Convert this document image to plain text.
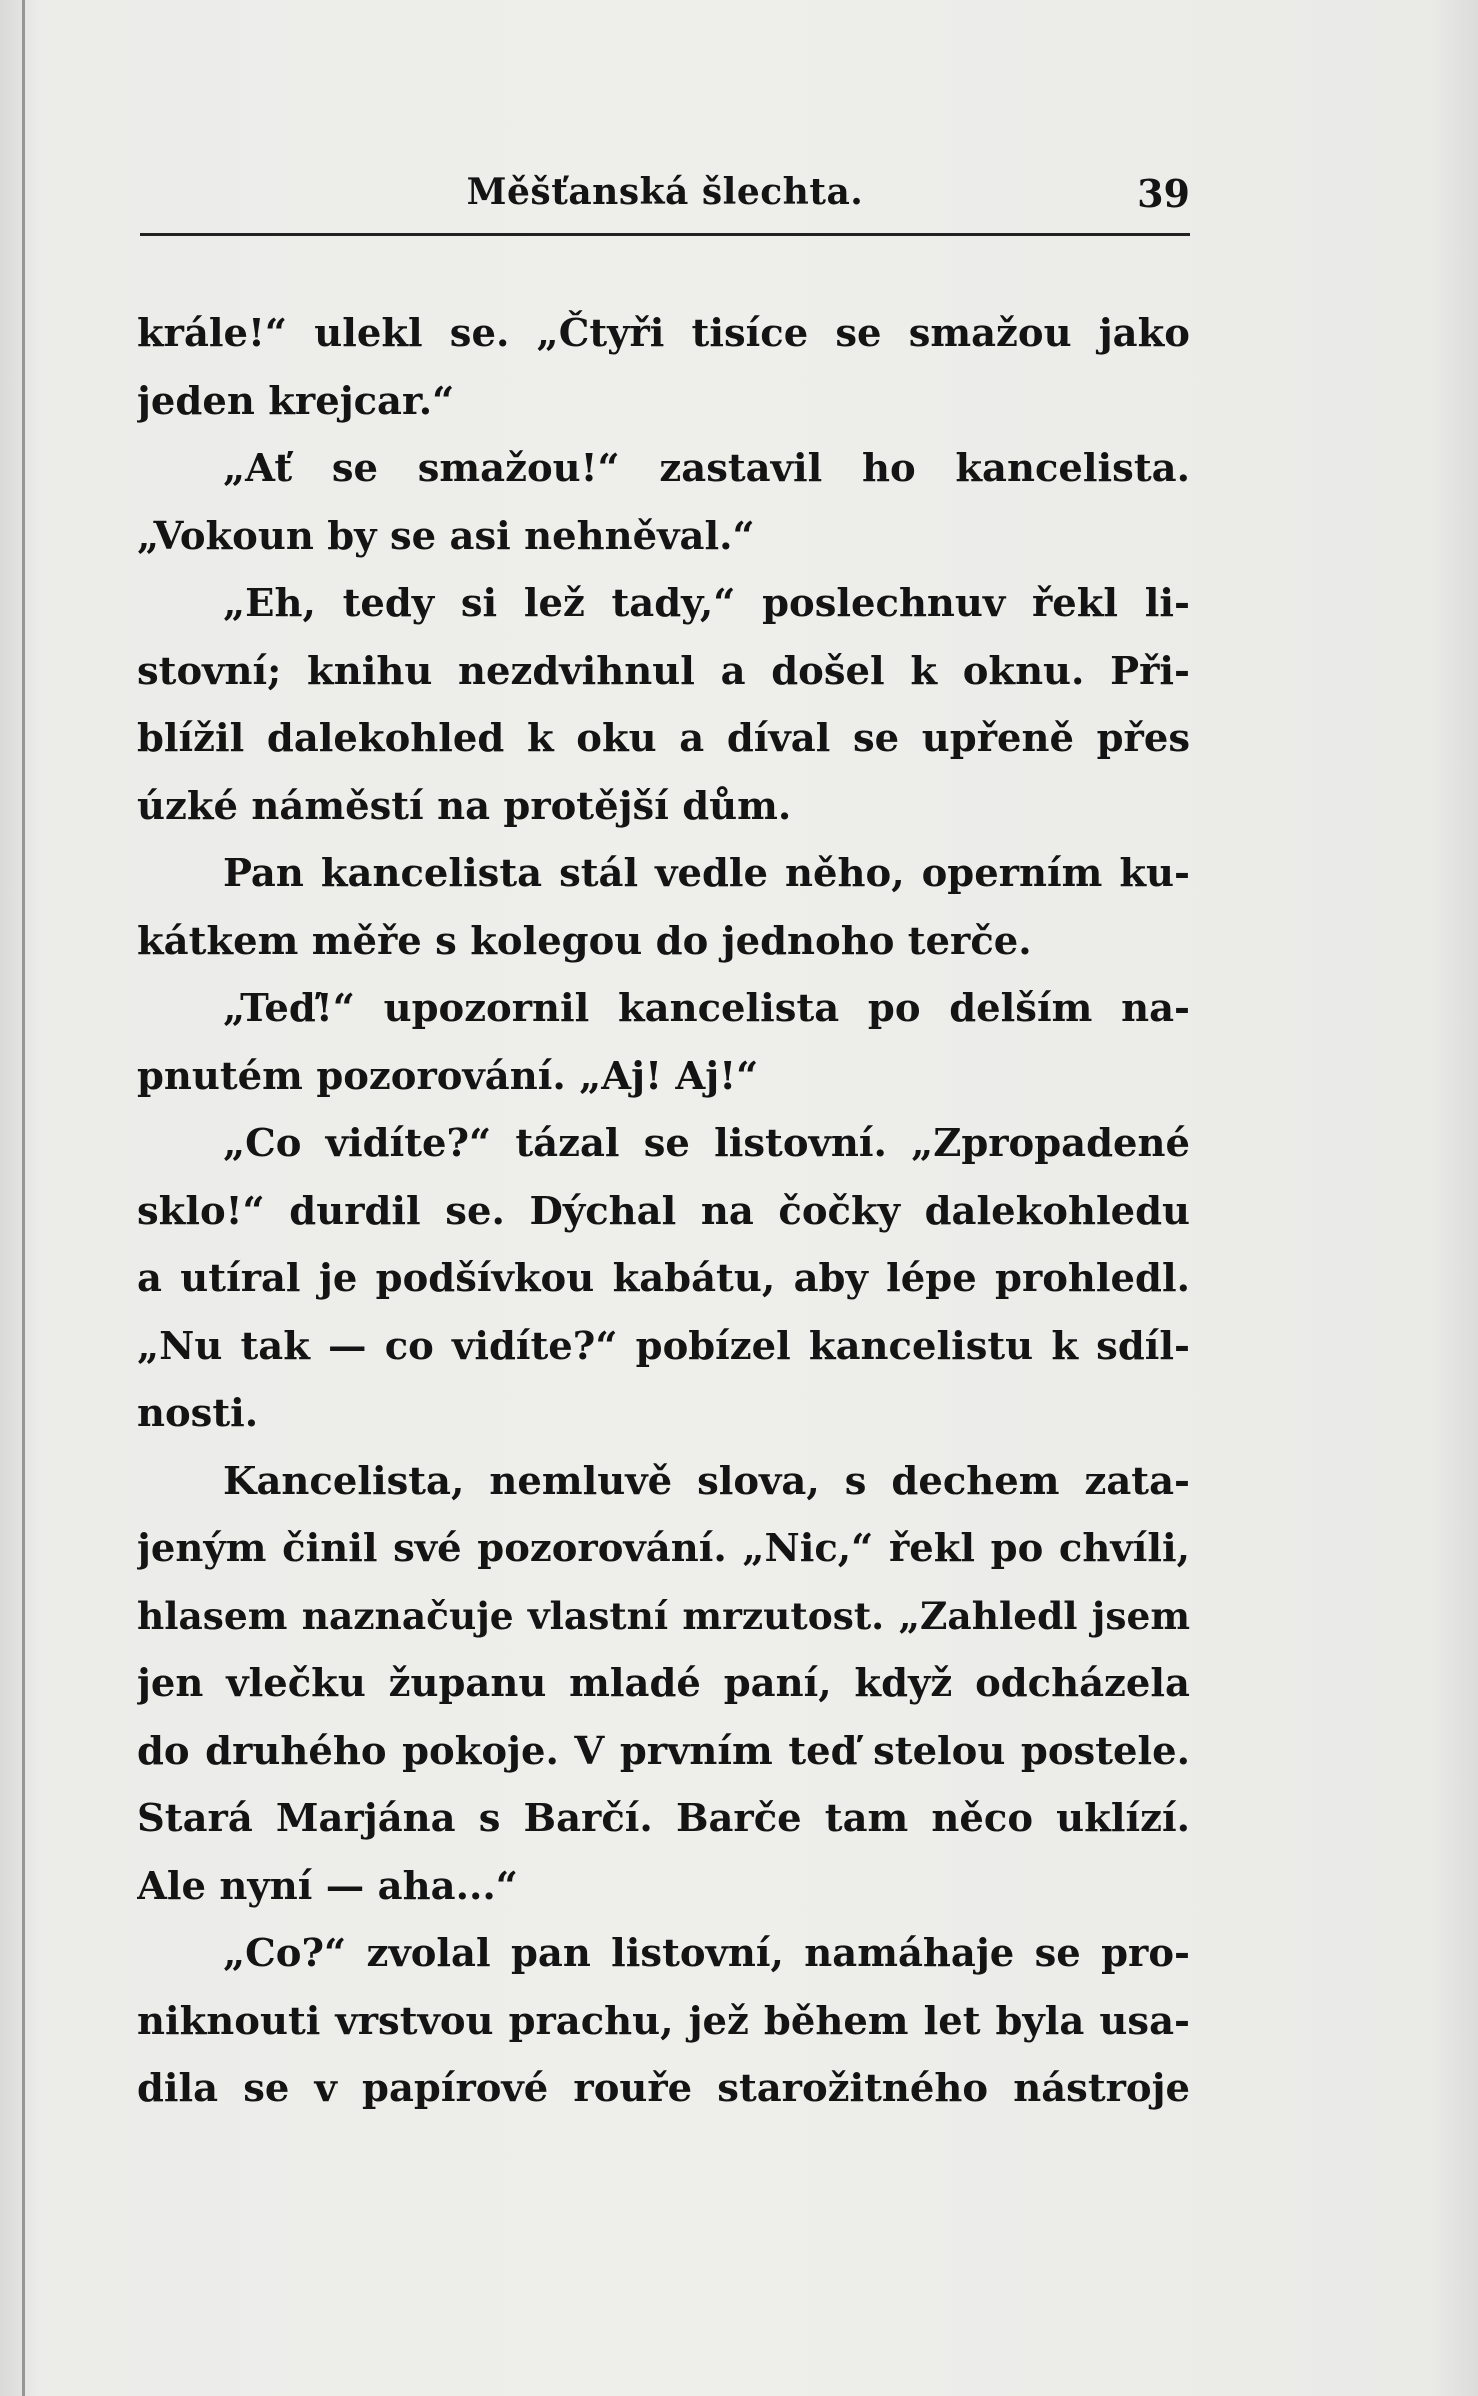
Měšťanská šlechta.	39
krále!“ ulekl se. „Čtyři tisíce se smažou jako
jeden krejcar.“
„Ať se smažou!“ zastavil ho kancelista.
„Vokoun by se asi nehněval.“
„Eh, tedy si lež tady,“ poslechnuv řekl li-
stovní; knihu nezdvihnul a došel k oknu. Při-
blížil dalekohled k oku a díval se upřeně přes
úzké náměstí na protější dům.
Pan kancelista stál vedle něho, operním ku-
kátkem měře s kolegou do jednoho terče.
„Teď!“ upozornil kancelista po delším na-
pnutém pozorování. „Aj! Aj!“
„Co vidíte?“ tázal se listovní. „Zpropadené
sklo!“ durdil se. Dýchal na čočky dalekohledu
a utíral je podšívkou kabátu, aby lépe prohledl.
„Nu tak — co vidíte?“ pobízel kancelistu k sdíl-
nosti.
Kancelista, nemluvě slova, s dechem zata-
jeným činil své pozorování. „Nic,“ řekl po chvíli,
hlasem naznačuje vlastní mrzutost. „Zahledl jsem
jen vlečku županu mladé paní, když odcházela
do druhého pokoje. V prvním teď stelou postele.
Stará Marjána s Barčí. Barče tam něco uklízí.
Ale nyní — aha...“
„Co?“ zvolal pan listovní, namáhaje se pro-
niknouti vrstvou prachu, jež během let byla usa-
dila se v papírové rouře starožitného nástroje
